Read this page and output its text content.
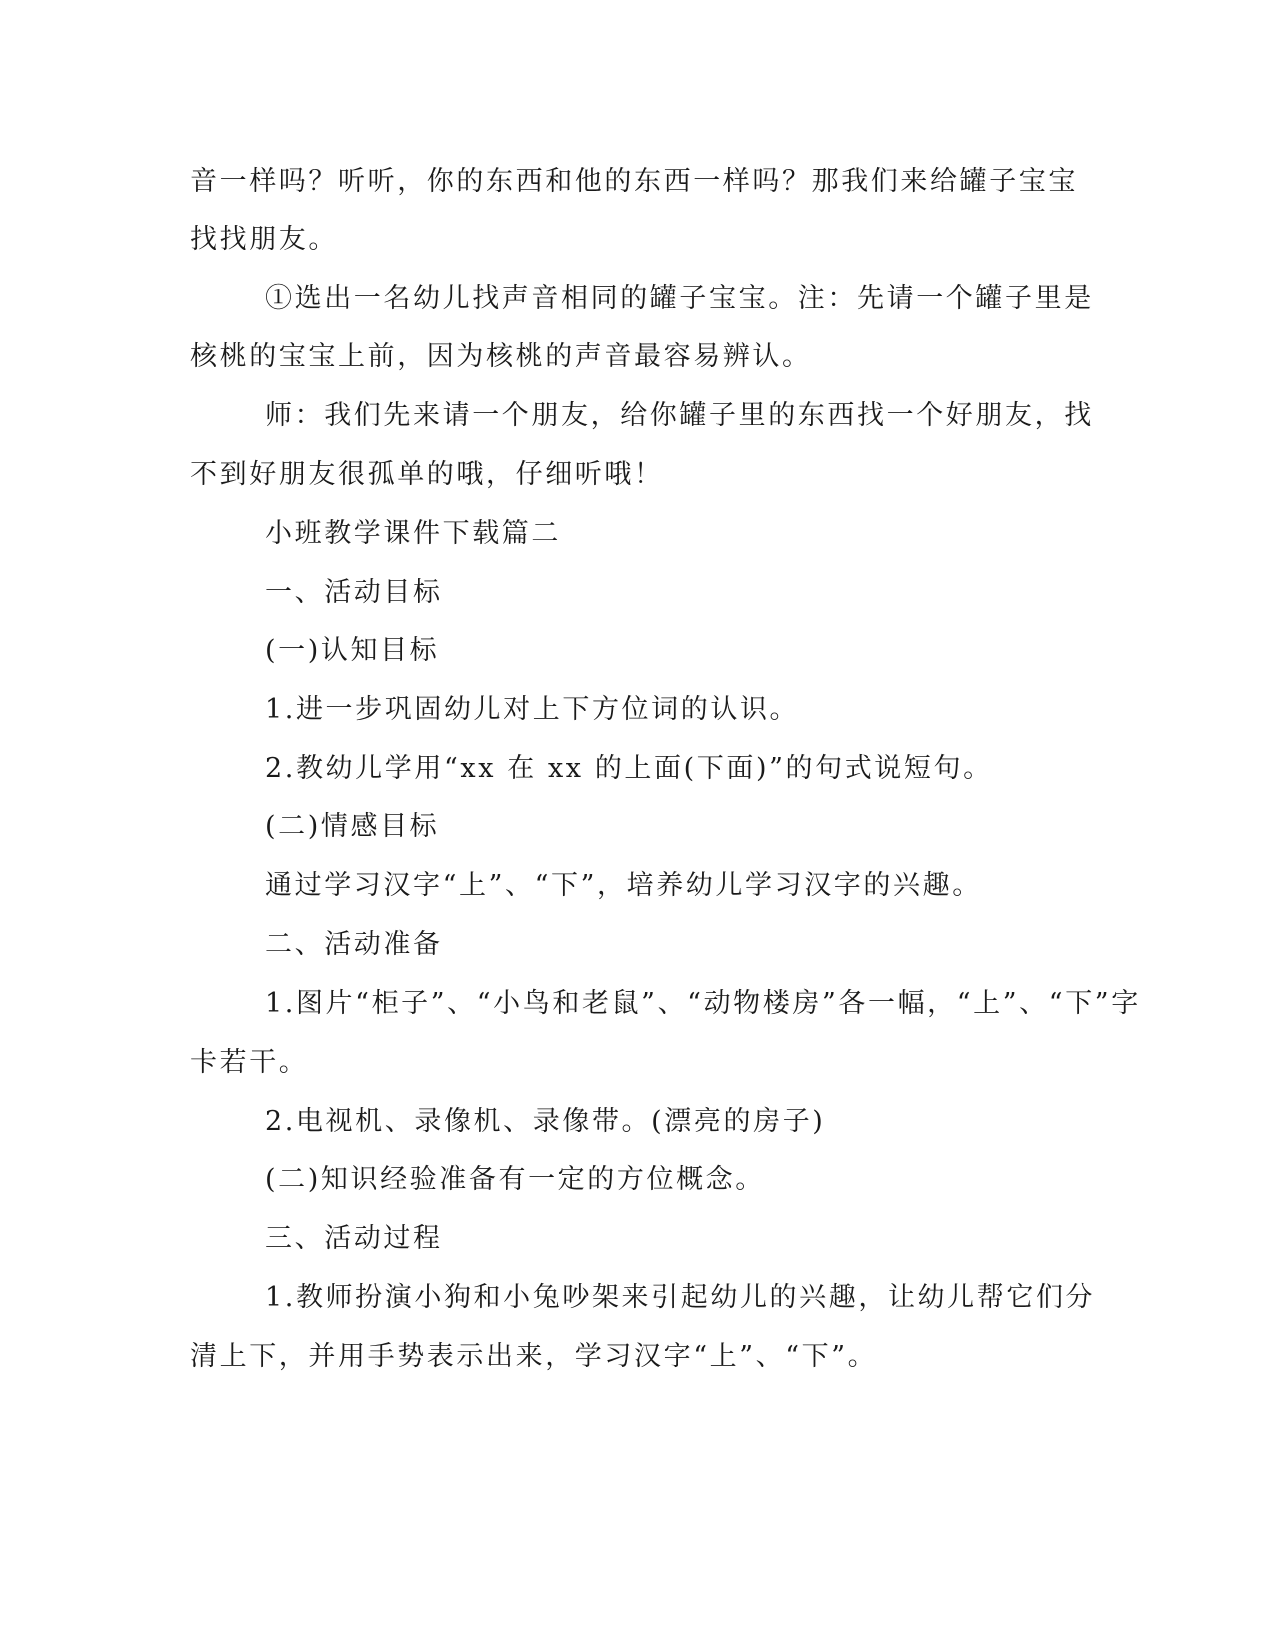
音一样吗？听听，你的东西和他的东西一样吗？那我们来给罐子宝宝
找找朋友。
①选出一名幼儿找声音相同的罐子宝宝。注：先请一个罐子里是
核桃的宝宝上前，因为核桃的声音最容易辨认。
师：我们先来请一个朋友，给你罐子里的东西找一个好朋友，找
不到好朋友很孤单的哦，仔细听哦！
小班教学课件下载篇二
一、活动目标
(一)认知目标
1.进一步巩固幼儿对上下方位词的认识。
2.教幼儿学用“xx 在 xx 的上面(下面)”的句式说短句。
(二)情感目标
通过学习汉字“上”、“下”，培养幼儿学习汉字的兴趣。
二、活动准备
1.图片“柜子”、“小鸟和老鼠”、“动物楼房”各一幅，“上”、“下”字
卡若干。
2.电视机、录像机、录像带。(漂亮的房子)
(二)知识经验准备有一定的方位概念。
三、活动过程
1.教师扮演小狗和小兔吵架来引起幼儿的兴趣，让幼儿帮它们分
清上下，并用手势表示出来，学习汉字“上”、“下”。
